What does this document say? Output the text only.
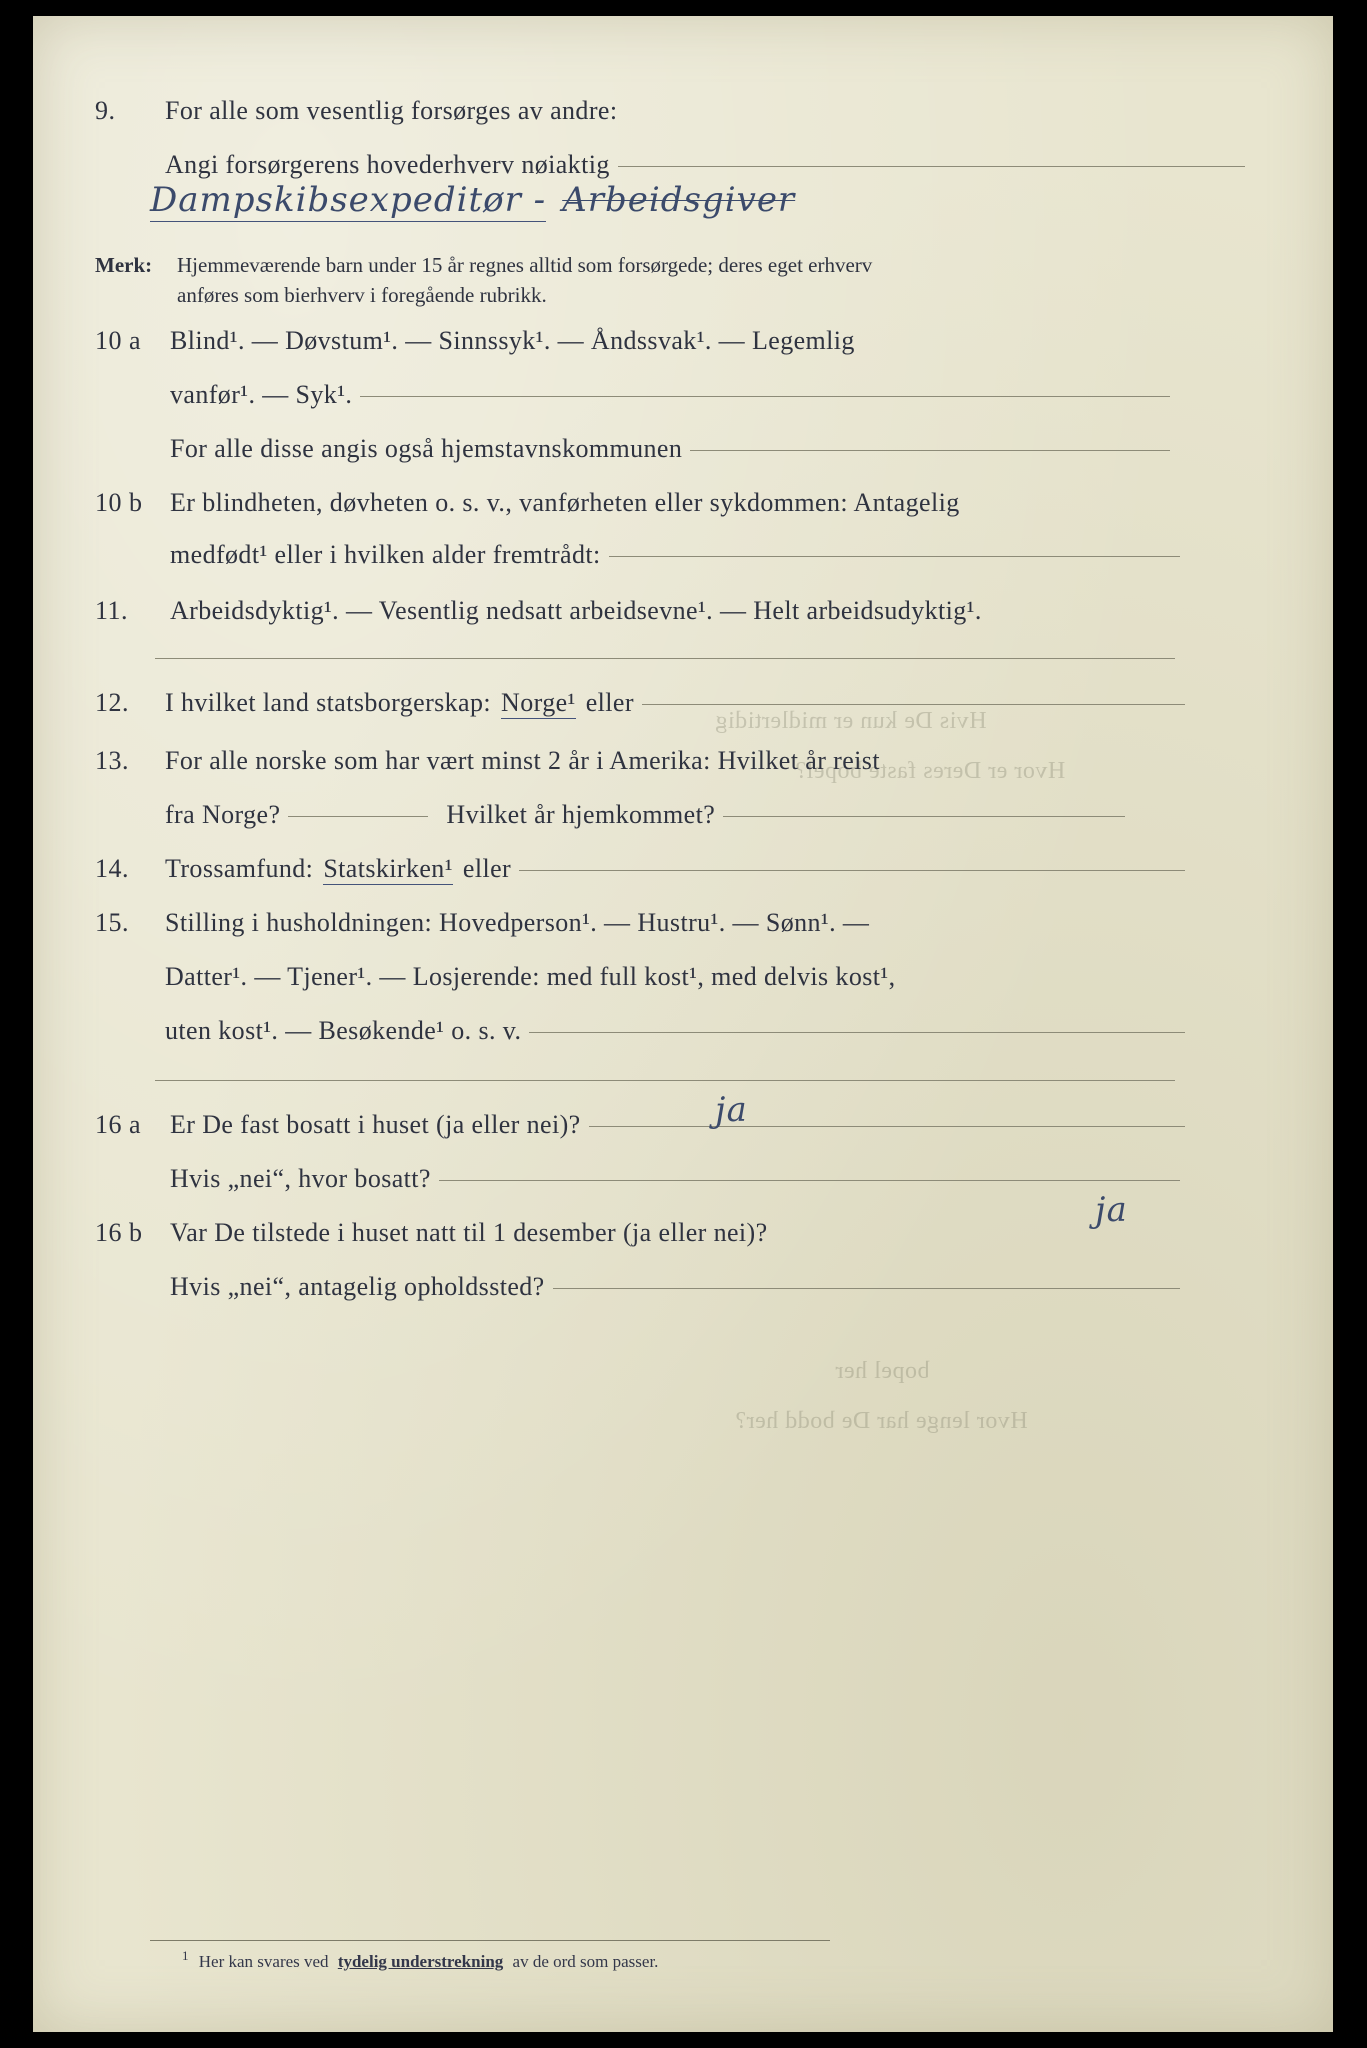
Hvis De kun er midlertidig
Hvor er Deres faste bopel?
bopel her
Hvor lenge har De bodd her?
9.	For alle som vesentlig forsørges av andre:
Angi forsørgerens hovederhverv nøiaktig
Dampskibsexpeditør - Arbeidsgiver
Merk:	Hjemmeværende barn under 15 år regnes alltid som forsørgede; deres eget erhverv
anføres som bierhverv i foregående rubrikk.
10 a	Blind¹. — Døvstum¹. — Sinnssyk¹. — Åndssvak¹. — Legemlig
vanfør¹. — Syk¹.
For alle disse angis også hjemstavnskommunen
10 b	Er blindheten, døvheten o. s. v., vanførheten eller sykdommen: Antagelig
medfødt¹ eller i hvilken alder fremtrådt:
11.	Arbeidsdyktig¹. — Vesentlig nedsatt arbeidsevne¹. — Helt arbeidsudyktig¹.
12.	I hvilket land statsborgerskap: Norge¹ eller
13.	For alle norske som har vært minst 2 år i Amerika: Hvilket år reist
fra Norge?	Hvilket år hjemkommet?
14.	Trossamfund: Statskirken¹ eller
15.	Stilling i husholdningen: Hovedperson¹. — Hustru¹. — Sønn¹. —
Datter¹. — Tjener¹. — Losjerende: med full kost¹, med delvis kost¹,
uten kost¹. — Besøkende¹ o. s. v.
16 a	Er De fast bosatt i huset (ja eller nei)?	ja
Hvis „nei“, hvor bosatt?
16 b	Var De tilstede i huset natt til 1 desember (ja eller nei)?
ja
Hvis „nei“, antagelig opholdssted?
$^1$ Her kan svares ved tydelig understrekning av de ord som passer.
